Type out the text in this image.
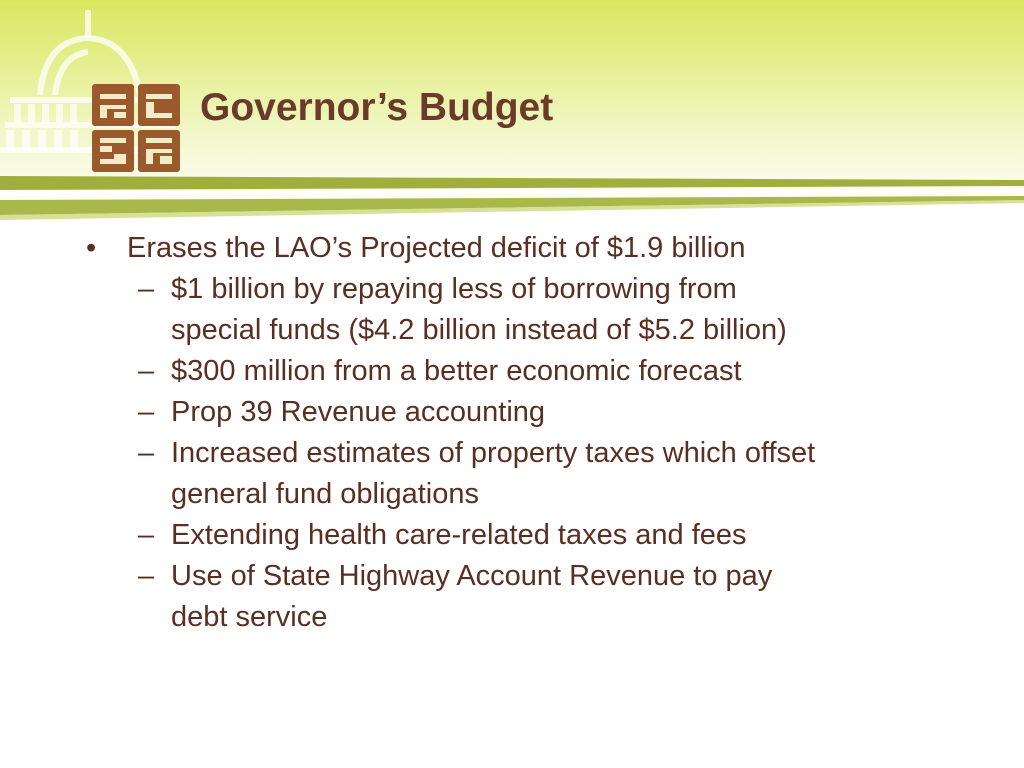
Governor’s Budget
• Erases the LAO’s Projected deficit of $1.9 billion
– $1 billion by repaying less of borrowing from
special funds ($4.2 billion instead of $5.2 billion)
– $300 million from a better economic forecast
– Prop 39 Revenue accounting
– Increased estimates of property taxes which offset
general fund obligations
– Extending health care-related taxes and fees
– Use of State Highway Account Revenue to pay
debt service
